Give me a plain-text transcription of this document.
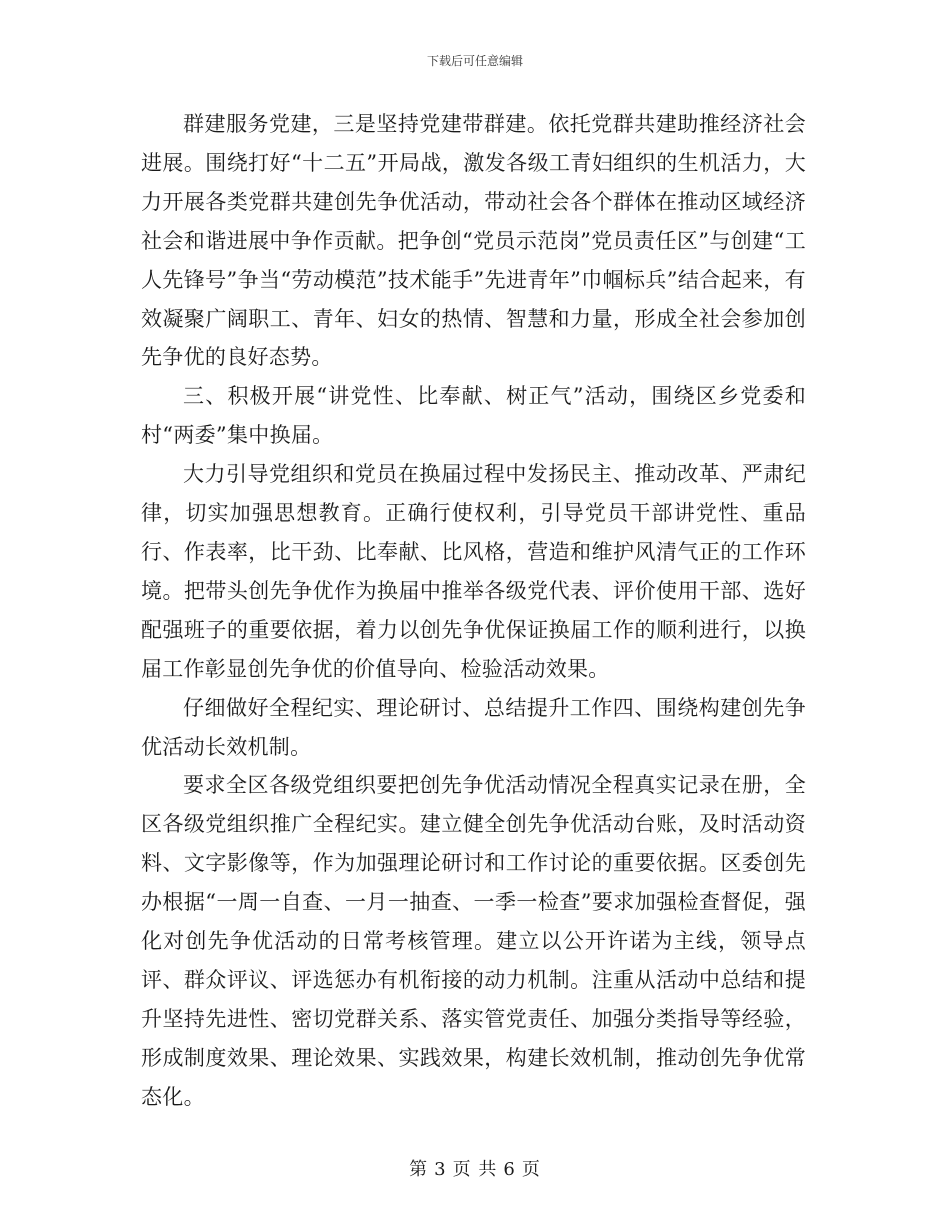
下载后可任意编辑

群建服务党建，三是坚持党建带群建。依托党群共建助推经济社会进展。围绕打好“十二五”开局战，激发各级工青妇组织的生机活力，大力开展各类党群共建创先争优活动，带动社会各个群体在推动区域经济社会和谐进展中争作贡献。把争创“党员示范岗”党员责任区”与创建“工人先锋号”争当“劳动模范”技术能手”先进青年”巾帼标兵”结合起来，有效凝聚广阔职工、青年、妇女的热情、智慧和力量，形成全社会参加创先争优的良好态势。

三、积极开展“讲党性、比奉献、树正气”活动，围绕区乡党委和村“两委”集中换届。

大力引导党组织和党员在换届过程中发扬民主、推动改革、严肃纪律，切实加强思想教育。正确行使权利，引导党员干部讲党性、重品行、作表率，比干劲、比奉献、比风格，营造和维护风清气正的工作环境。把带头创先争优作为换届中推举各级党代表、评价使用干部、选好配强班子的重要依据，着力以创先争优保证换届工作的顺利进行，以换届工作彰显创先争优的价值导向、检验活动效果。

仔细做好全程纪实、理论研讨、总结提升工作四、围绕构建创先争优活动长效机制。

要求全区各级党组织要把创先争优活动情况全程真实记录在册，全区各级党组织推广全程纪实。建立健全创先争优活动台账，及时活动资料、文字影像等，作为加强理论研讨和工作讨论的重要依据。区委创先办根据“一周一自查、一月一抽查、一季一检查”要求加强检查督促，强化对创先争优活动的日常考核管理。建立以公开许诺为主线，领导点评、群众评议、评选惩办有机衔接的动力机制。注重从活动中总结和提升坚持先进性、密切党群关系、落实管党责任、加强分类指导等经验，形成制度效果、理论效果、实践效果，构建长效机制，推动创先争优常态化。

第 3 页 共 6 页
